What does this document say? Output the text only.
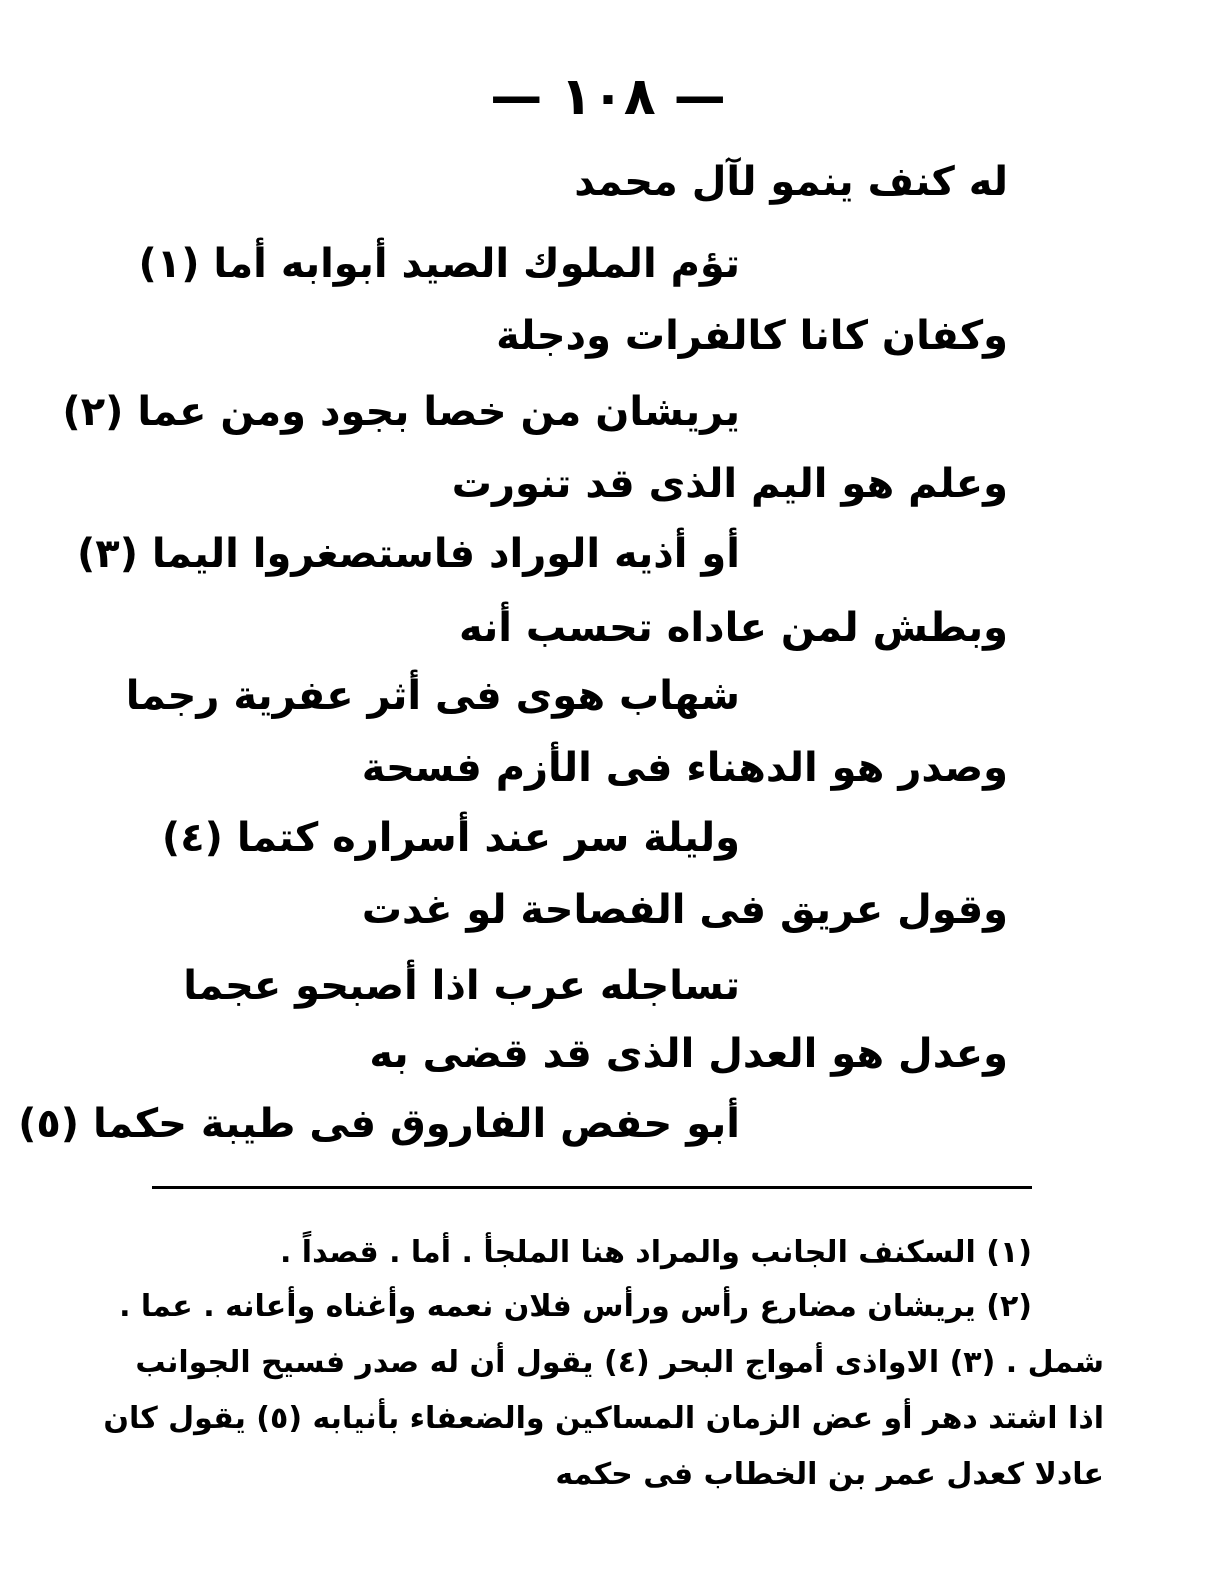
— ١٠٨ —
له كنف ينمو لآل محمد
تؤم الملوك الصيد أبوابه أما (١)
وكفان كانا كالفرات ودجلة
يريشان من خصا بجود ومن عما (٢)
وعلم هو اليم الذى قد تنورت
أو أذيه الوراد فاستصغروا اليما (٣)
وبطش لمن عاداه تحسب أنه
شهاب هوى فى أثر عفرية رجما
وصدر هو الدهناء فى الأزم فسحة
وليلة سر عند أسراره كتما (٤)
وقول عريق فى الفصاحة لو غدت
تساجله عرب اذا أصبحو عجما
وعدل هو العدل الذى قد قضى به
أبو حفص الفاروق فى طيبة حكما (٥)
(١) السكنف الجانب والمراد هنا الملجأ . أما . قصداً .
(٢) يريشان مضارع رأس ورأس فلان نعمه وأغناه وأعانه . عما .
شمل . (٣) الاواذى أمواج البحر (٤) يقول أن له صدر فسيح الجوانب
اذا اشتد دهر أو عض الزمان المساكين والضعفاء بأنيابه (٥) يقول كان
عادلا كعدل عمر بن الخطاب فى حكمه
